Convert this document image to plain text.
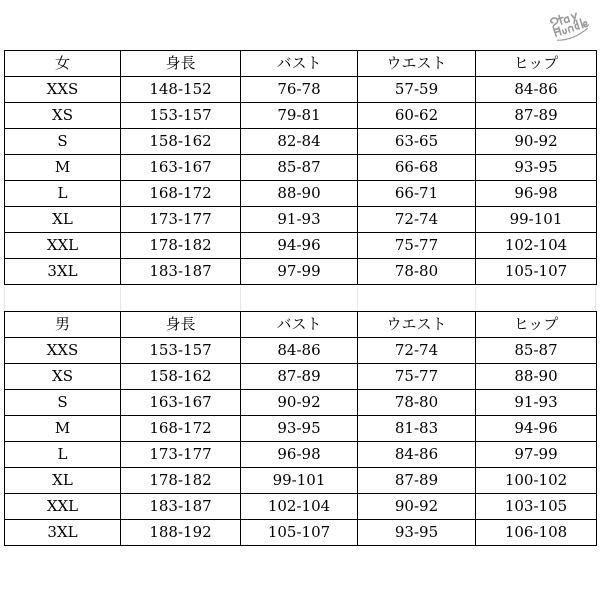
女	身長	バスト	ウエスト	ヒップ
XXS	148-152	76-78	57-59	84-86
XS	153-157	79-81	60-62	87-89
S	158-162	82-84	63-65	90-92
M	163-167	85-87	66-68	93-95
L	168-172	88-90	66-71	96-98
XL	173-177	91-93	72-74	99-101
XXL	178-182	94-96	75-77	102-104
3XL	183-187	97-99	78-80	105-107
男	身長	バスト	ウエスト	ヒップ
XXS	153-157	84-86	72-74	85-87
XS	158-162	87-89	75-77	88-90
S	163-167	90-92	78-80	91-93
M	168-172	93-95	81-83	94-96
L	173-177	96-98	84-86	97-99
XL	178-182	99-101	87-89	100-102
XXL	183-187	102-104	90-92	103-105
3XL	188-192	105-107	93-95	106-108
